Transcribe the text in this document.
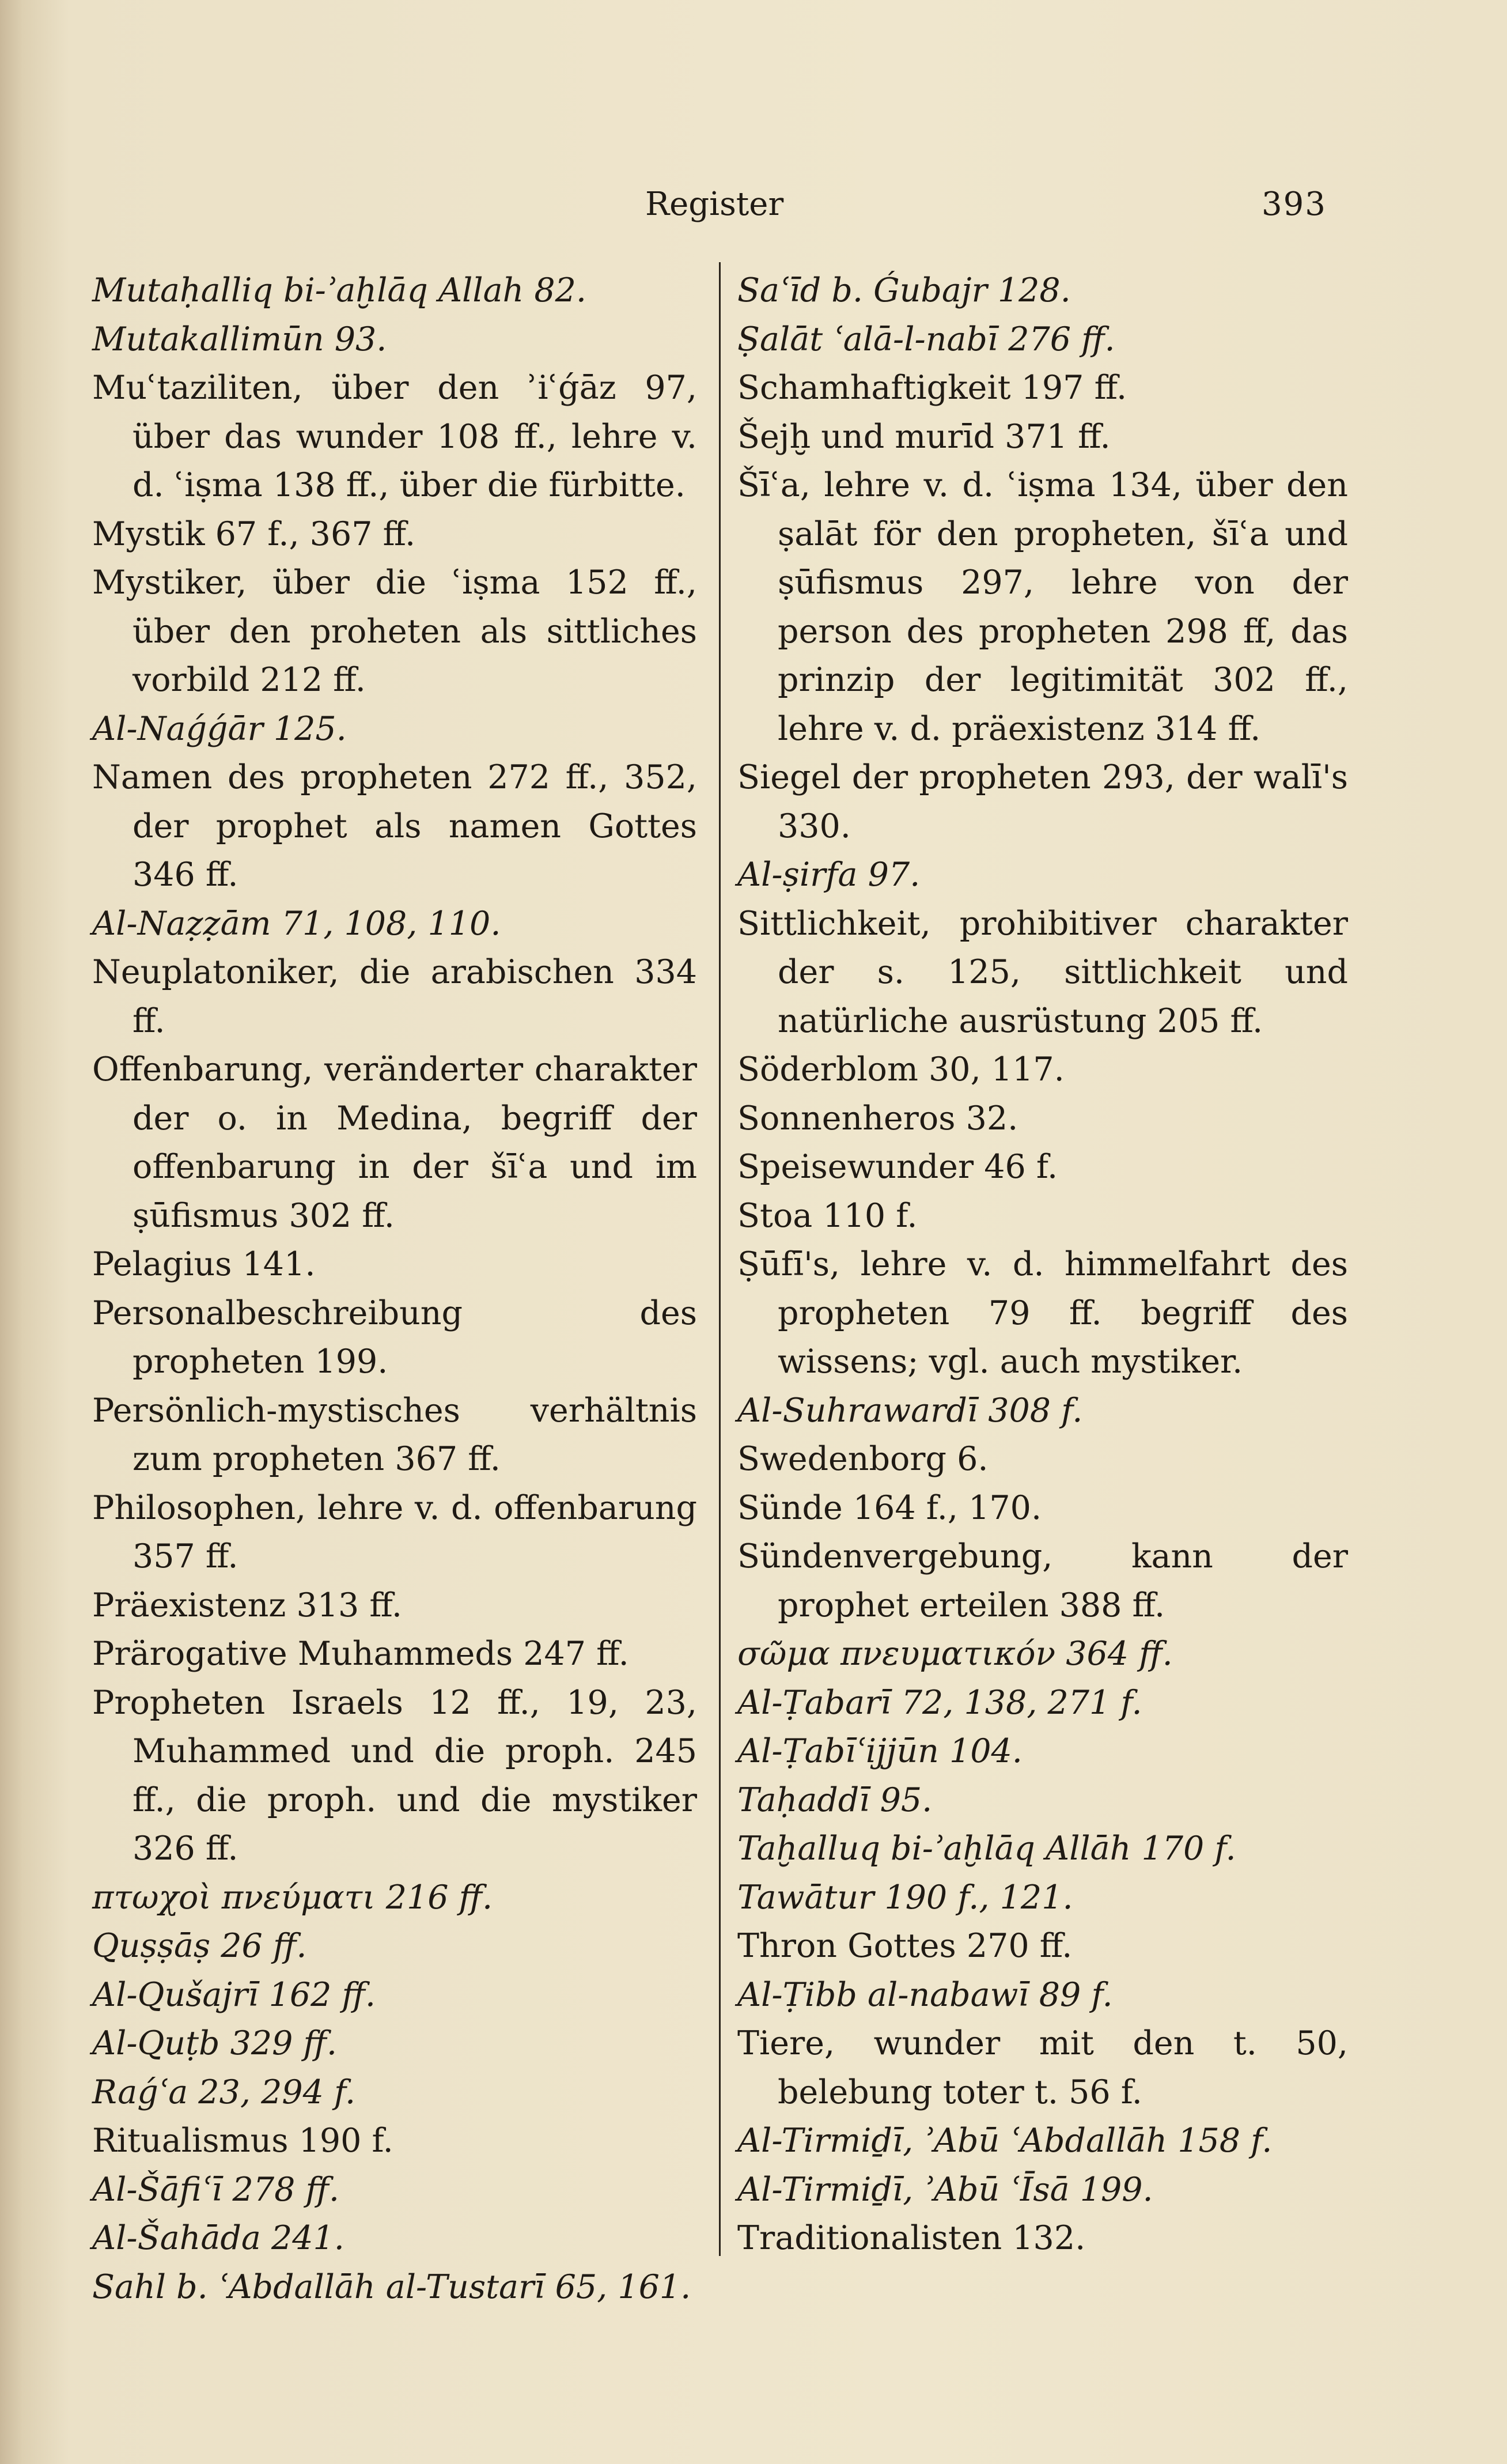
Register	393
Mutaḥalliq bi-ʾaḫlāq Allah 82.
Mutakallimūn 93.
Muʿtaziliten, über den ʾiʿǵāz 97, über das wunder 108 ff., lehre v. d. ʿiṣma 138 ff., über die fürbitte.
Mystik 67 f., 367 ff.
Mystiker, über die ʿiṣma 152 ff., über den proheten als sittliches vorbild 212 ff.
Al-Naǵǵār 125.
Namen des propheten 272 ff., 352, der prophet als namen Gottes 346 ff.
Al-Naẓẓām 71, 108, 110.
Neuplatoniker, die arabischen 334 ff.
Offenbarung, veränderter charakter der o. in Medina, begriff der offenbarung in der šīʿa und im ṣūfismus 302 ff.
Pelagius 141.
Personalbeschreibung des propheten 199.
Persönlich-mystisches verhältnis zum propheten 367 ff.
Philosophen, lehre v. d. offenbarung 357 ff.
Präexistenz 313 ff.
Prärogative Muhammeds 247 ff.
Propheten Israels 12 ff., 19, 23, Muhammed und die proph. 245 ff., die proph. und die mystiker 326 ff.
πτωχοὶ πνεύματι 216 ff.
Quṣṣāṣ 26 ff.
Al-Qušajrī 162 ff.
Al-Quṭb 329 ff.
Raǵʿa 23, 294 f.
Ritualismus 190 f.
Al-Šāfiʿī 278 ff.
Al-Šahāda 241.
Sahl b. ʿAbdallāh al-Tustarī 65, 161.
Saʿīd b. Ǵubajr 128.
Ṣalāt ʿalā-l-nabī 276 ff.
Schamhaftigkeit 197 ff.
Šejḫ und murīd 371 ff.
Šīʿa, lehre v. d. ʿiṣma 134, über den ṣalāt för den propheten, šīʿa und ṣūfismus 297, lehre von der person des propheten 298 ff, das prinzip der legitimität 302 ff., lehre v. d. präexistenz 314 ff.
Siegel der propheten 293, der walī's 330.
Al-ṣirfa 97.
Sittlichkeit, prohibitiver charakter der s. 125, sittlichkeit und natürliche ausrüstung 205 ff.
Söderblom 30, 117.
Sonnenheros 32.
Speisewunder 46 f.
Stoa 110 f.
Ṣūfī's, lehre v. d. himmelfahrt des propheten 79 ff. begriff des wissens; vgl. auch mystiker.
Al-Suhrawardī 308 f.
Swedenborg 6.
Sünde 164 f., 170.
Sündenvergebung, kann der prophet erteilen 388 ff.
σῶμα πνευματικόν 364 ff.
Al-Ṭabarī 72, 138, 271 f.
Al-Ṭabīʿijjūn 104.
Taḥaddī 95.
Taḫalluq bi-ʾaḫlāq Allāh 170 f.
Tawātur 190 f., 121.
Thron Gottes 270 ff.
Al-Ṭibb al-nabawī 89 f.
Tiere, wunder mit den t. 50, belebung toter t. 56 f.
Al-Tirmiḏī, ʾAbū ʿAbdallāh 158 f.
Al-Tirmiḏī, ʾAbū ʿĪsā 199.
Traditionalisten 132.
